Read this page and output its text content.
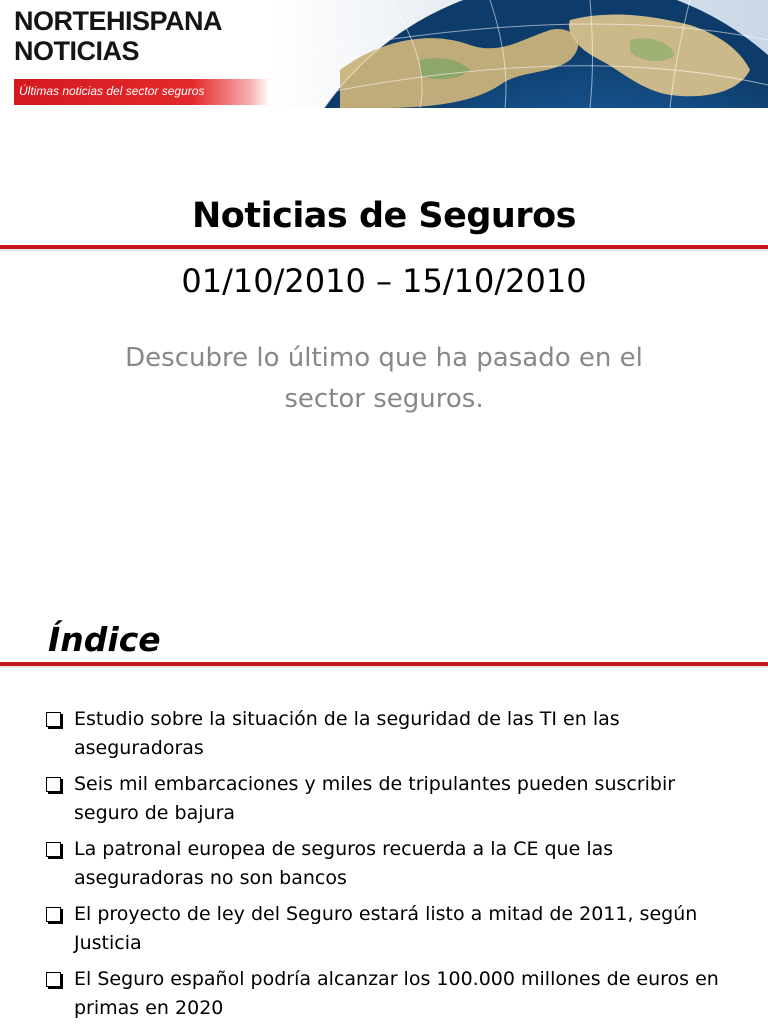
NORTEHISPANA
NOTICIAS
Últimas noticias del sector seguros
Noticias de Seguros
01/10/2010 – 15/10/2010
Descubre lo último que ha pasado en el sector seguros.
Índice
Estudio sobre la situación de la seguridad de las TI en las aseguradoras
Seis mil embarcaciones y miles de tripulantes pueden suscribir seguro de bajura
La patronal europea de seguros recuerda a la CE que las aseguradoras no son bancos
El proyecto de ley del Seguro estará listo a mitad de 2011, según Justicia
El Seguro español podría alcanzar los 100.000 millones de euros en primas en 2020
